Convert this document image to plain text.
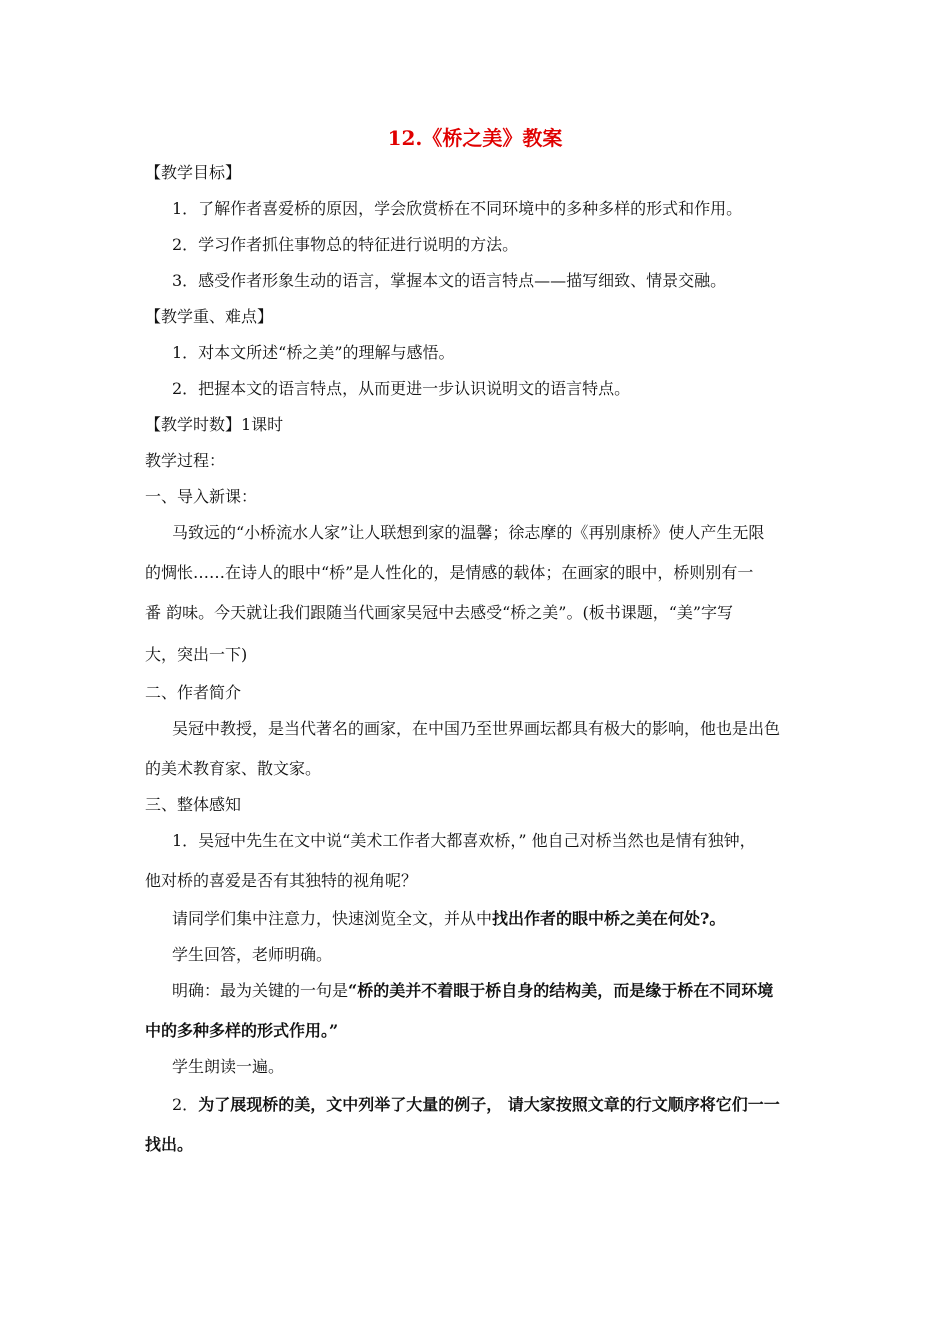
12.《桥之美》教案

【教学目标】

1．了解作者喜爱桥的原因，学会欣赏桥在不同环境中的多种多样的形式和作用。

2．学习作者抓住事物总的特征进行说明的方法。

3．感受作者形象生动的语言，掌握本文的语言特点——描写细致、情景交融。

【教学重、难点】

1．对本文所述“桥之美”的理解与感悟。

2．把握本文的语言特点，从而更进一步认识说明文的语言特点。

【教学时数】1课时

教学过程：

一、导入新课：

马致远的“小桥流水人家”让人联想到家的温馨；徐志摩的《再别康桥》使人产生无限

的惆怅……在诗人的眼中“桥”是人性化的，是情感的载体；在画家的眼中，桥则别有一

番 韵味。今天就让我们跟随当代画家吴冠中去感受“桥之美”。(板书课题，“美”字写

大，突出一下)

二、作者简介

吴冠中教授，是当代著名的画家，在中国乃至世界画坛都具有极大的影响，他也是出色

的美术教育家、散文家。

三、整体感知

1．吴冠中先生在文中说“美术工作者大都喜欢桥，” 他自己对桥当然也是情有独钟，

他对桥的喜爱是否有其独特的视角呢？

请同学们集中注意力，快速浏览全文，并从中找出作者的眼中桥之美在何处?。

学生回答，老师明确。

明确：最为关键的一句是“桥的美并不着眼于桥自身的结构美，而是缘于桥在不同环境

中的多种多样的形式作用。”

学生朗读一遍。

2．为了展现桥的美，文中列举了大量的例子， 请大家按照文章的行文顺序将它们一一

找出。
